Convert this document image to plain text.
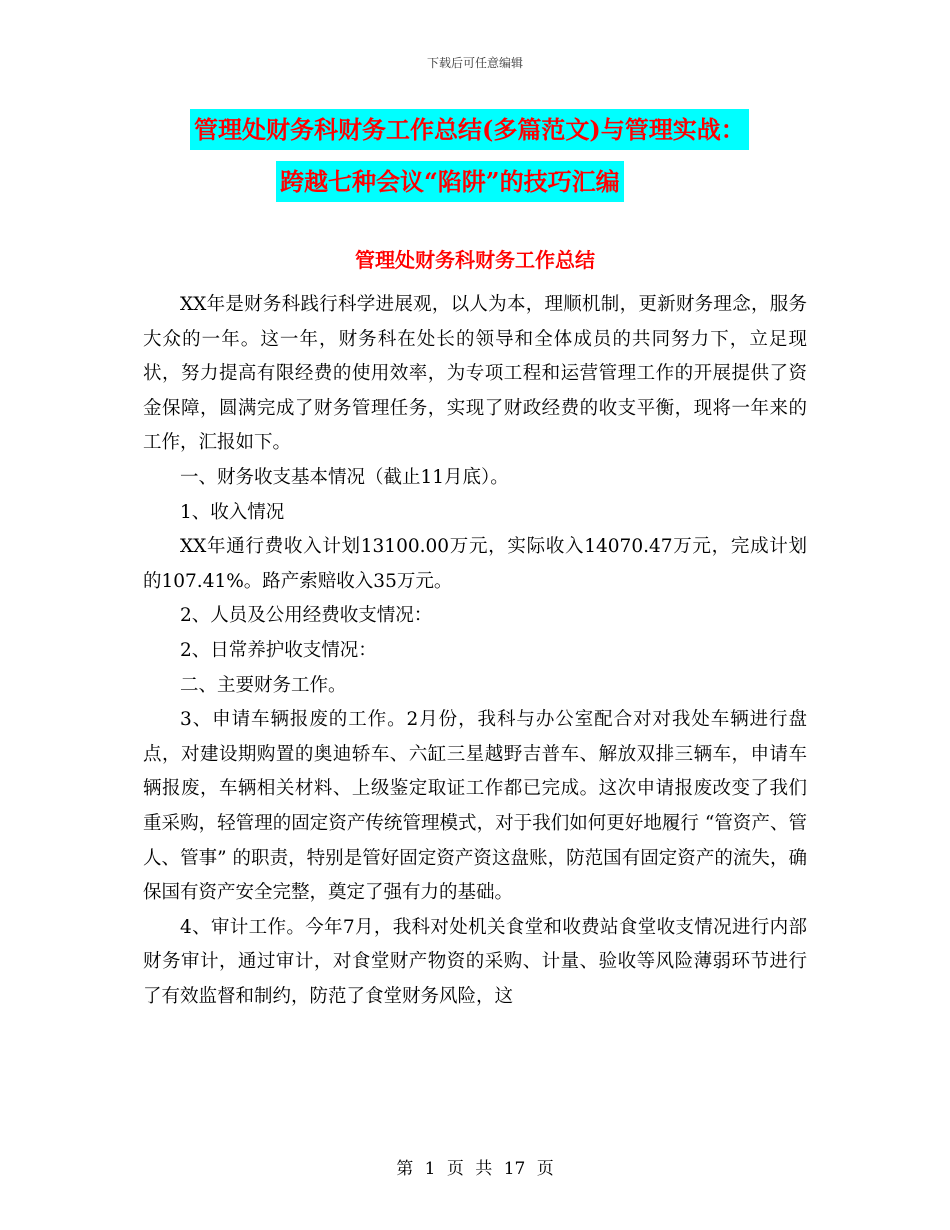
下载后可任意编辑
管理处财务科财务工作总结(多篇范文)与管理实战：
跨越七种会议“陷阱”的技巧汇编
管理处财务科财务工作总结

XX年是财务科践行科学进展观，以人为本，理顺机制，更新财务理念，服务大众的一年。这一年，财务科在处长的领导和全体成员的共同努力下，立足现状，努力提高有限经费的使用效率，为专项工程和运营管理工作的开展提供了资金保障，圆满完成了财务管理任务，实现了财政经费的收支平衡，现将一年来的工作，汇报如下。

一、财务收支基本情况（截止11月底）。

1、收入情况

XX年通行费收入计划13100.00万元，实际收入14070.47万元，完成计划的107.41%。路产索赔收入35万元。

2、人员及公用经费收支情况：

2、日常养护收支情况：

二、主要财务工作。

3、申请车辆报废的工作。2月份，我科与办公室配合对对我处车辆进行盘点，对建设期购置的奥迪轿车、六缸三星越野吉普车、解放双排三辆车，申请车辆报废，车辆相关材料、上级鉴定取证工作都已完成。这次申请报废改变了我们重采购，轻管理的固定资产传统管理模式，对于我们如何更好地履行 “管资产、管人、管事” 的职责，特别是管好固定资产资这盘账，防范国有固定资产的流失，确保国有资产安全完整，奠定了强有力的基础。

4、审计工作。今年7月，我科对处机关食堂和收费站食堂收支情况进行内部财务审计，通过审计，对食堂财产物资的采购、计量、验收等风险薄弱环节进行了有效监督和制约，防范了食堂财务风险，这

第 1 页 共 17 页
